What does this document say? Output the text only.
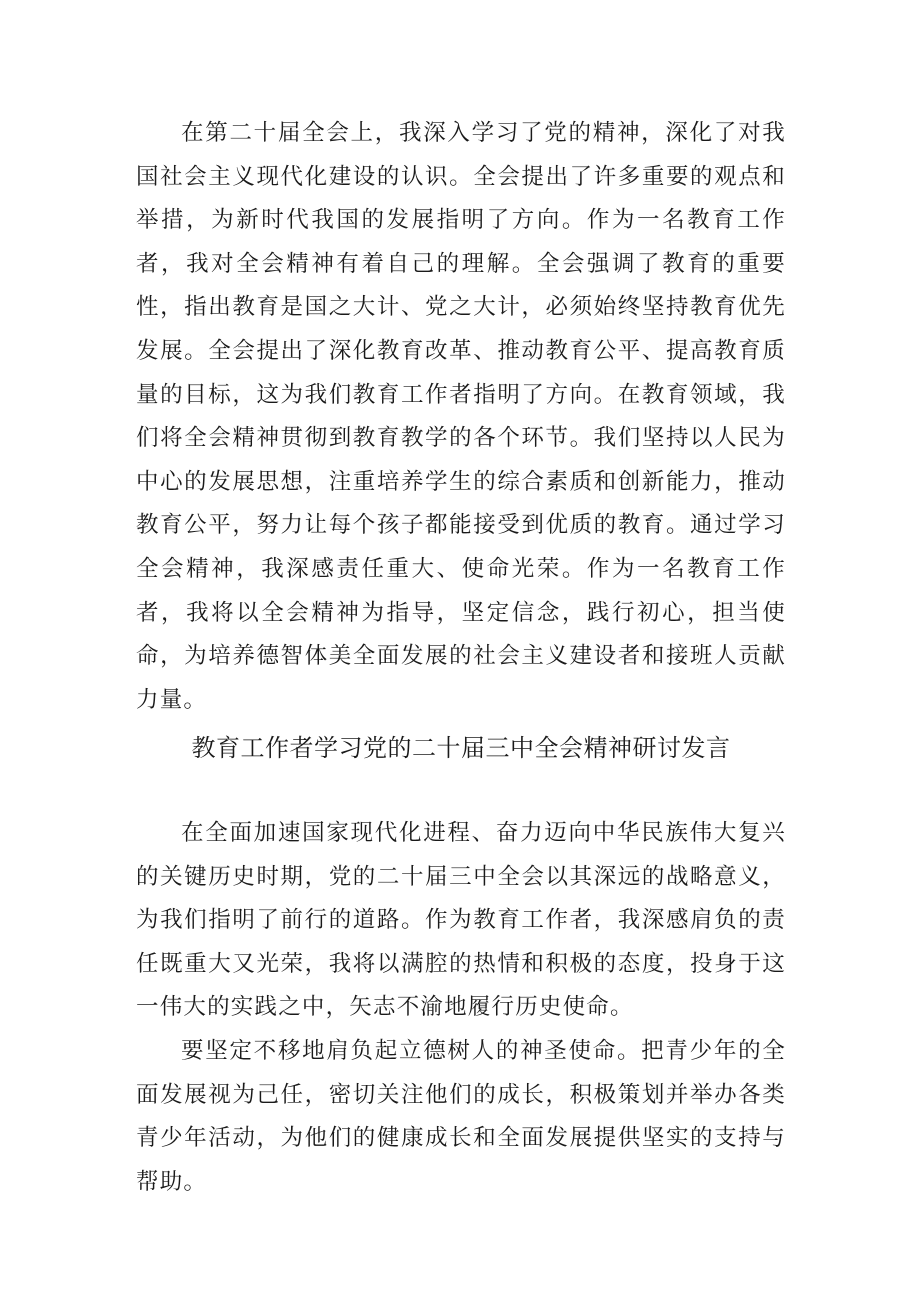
在第二十届全会上，我深入学习了党的精神，深化了对我国社会主义现代化建设的认识。全会提出了许多重要的观点和举措，为新时代我国的发展指明了方向。作为一名教育工作者，我对全会精神有着自己的理解。全会强调了教育的重要性，指出教育是国之大计、党之大计，必须始终坚持教育优先发展。全会提出了深化教育改革、推动教育公平、提高教育质量的目标，这为我们教育工作者指明了方向。在教育领域，我们将全会精神贯彻到教育教学的各个环节。我们坚持以人民为中心的发展思想，注重培养学生的综合素质和创新能力，推动教育公平，努力让每个孩子都能接受到优质的教育。通过学习全会精神，我深感责任重大、使命光荣。作为一名教育工作者，我将以全会精神为指导，坚定信念，践行初心，担当使命，为培养德智体美全面发展的社会主义建设者和接班人贡献力量。

教育工作者学习党的二十届三中全会精神研讨发言

在全面加速国家现代化进程、奋力迈向中华民族伟大复兴的关键历史时期，党的二十届三中全会以其深远的战略意义，为我们指明了前行的道路。作为教育工作者，我深感肩负的责任既重大又光荣，我将以满腔的热情和积极的态度，投身于这一伟大的实践之中，矢志不渝地履行历史使命。

要坚定不移地肩负起立德树人的神圣使命。把青少年的全面发展视为己任，密切关注他们的成长，积极策划并举办各类青少年活动，为他们的健康成长和全面发展提供坚实的支持与帮助。
